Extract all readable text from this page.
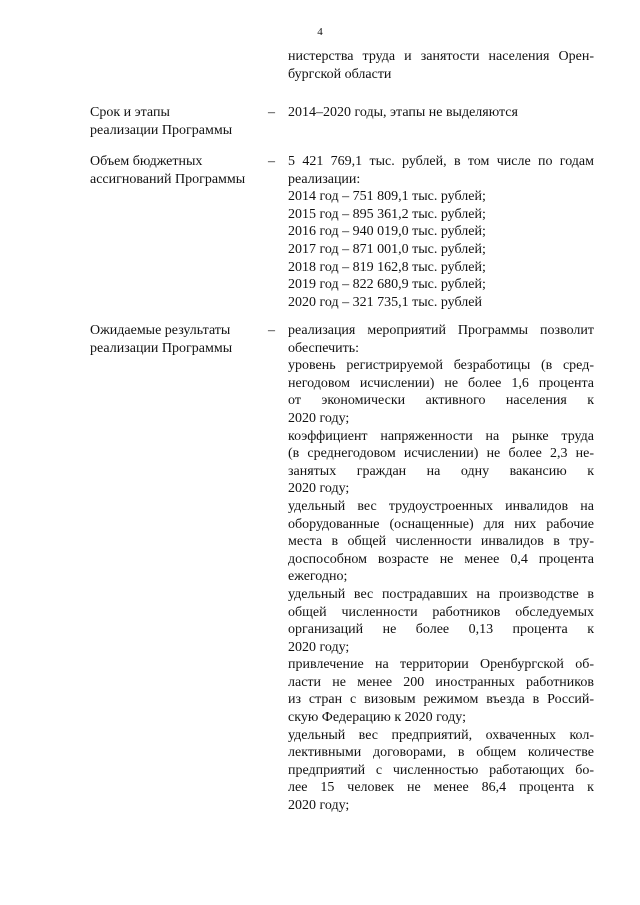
4
нистерства труда и занятости населения Орен-
бургской области
Срок и этапы
реализации Программы
– 2014–2020 годы, этапы не выделяются
Объем бюджетных
ассигнований Программы
– 5 421 769,1 тыс. рублей, в том числе по годам
реализации:
2014 год – 751 809,1 тыс. рублей;
2015 год – 895 361,2 тыс. рублей;
2016 год – 940 019,0 тыс. рублей;
2017 год – 871 001,0 тыс. рублей;
2018 год – 819 162,8 тыс. рублей;
2019 год – 822 680,9 тыс. рублей;
2020 год – 321 735,1 тыс. рублей
Ожидаемые результаты
реализации Программы
– реализация мероприятий Программы позволит
обеспечить:
уровень регистрируемой безработицы (в сред-
негодовом исчислении) не более 1,6 процента
от экономически активного населения к
2020 году;
коэффициент напряженности на рынке труда
(в среднегодовом исчислении) не более 2,3 не-
занятых граждан на одну вакансию к
2020 году;
удельный вес трудоустроенных инвалидов на
оборудованные (оснащенные) для них рабочие
места в общей численности инвалидов в тру-
доспособном возрасте не менее 0,4 процента
ежегодно;
удельный вес пострадавших на производстве в
общей численности работников обследуемых
организаций не более 0,13 процента к
2020 году;
привлечение на территории Оренбургской об-
ласти не менее 200 иностранных работников
из стран с визовым режимом въезда в Россий-
скую Федерацию к 2020 году;
удельный вес предприятий, охваченных кол-
лективными договорами, в общем количестве
предприятий с численностью работающих бо-
лее 15 человек не менее 86,4 процента к
2020 году;
